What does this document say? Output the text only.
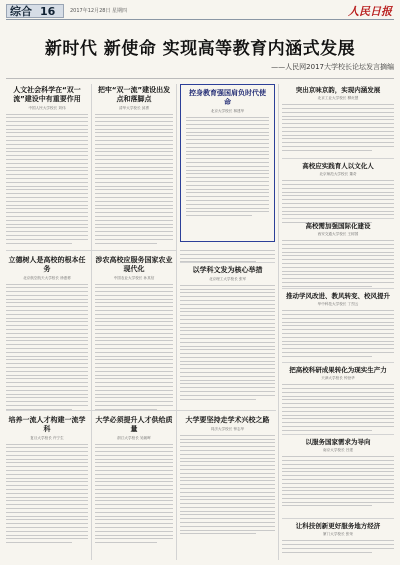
综合 16	2017年12月28日 星期四	人民日报
新时代 新使命 实现高等教育内涵式发展
——人民网2017大学校长论坛发言摘编
人文社会科学在“双一流”建设中有重要作用
中国人民大学校长 刘伟
把牢“双一流”建设出发点和落脚点
清华大学校长 邱勇
控身教育强国肩负时代使命
北京大学校长 林建华
突出京味京韵，实现内涵发展
北京工业大学校长 柳贡慧
高校应实践育人以文化人
北京师范大学校长 董奇
高校需加强国际化建设
西安交通大学校长 王树国
立德树人是高校的根本任务
北京航空航天大学校长 徐惠彬
涉农高校应服务国家农业现代化
中国农业大学校长 孙其信
以学科文发为核心举措
北京理工大学校长 张军
推动学风改进、教风转变、校风提升
华中科技大学校长 丁烈云
把高校科研成果转化为现实生产力
天津大学校长 钟登华
以服务国家需求为导向
南京大学校长 吕建
让科技创新更好服务地方经济
厦门大学校长 张荣
培养一流人才构建一流学科
复旦大学校长 许宁生
大学必须提升人才供给质量
浙江大学校长 吴朝晖
大学要坚持走学术兴校之路
同济大学校长 钟志华
